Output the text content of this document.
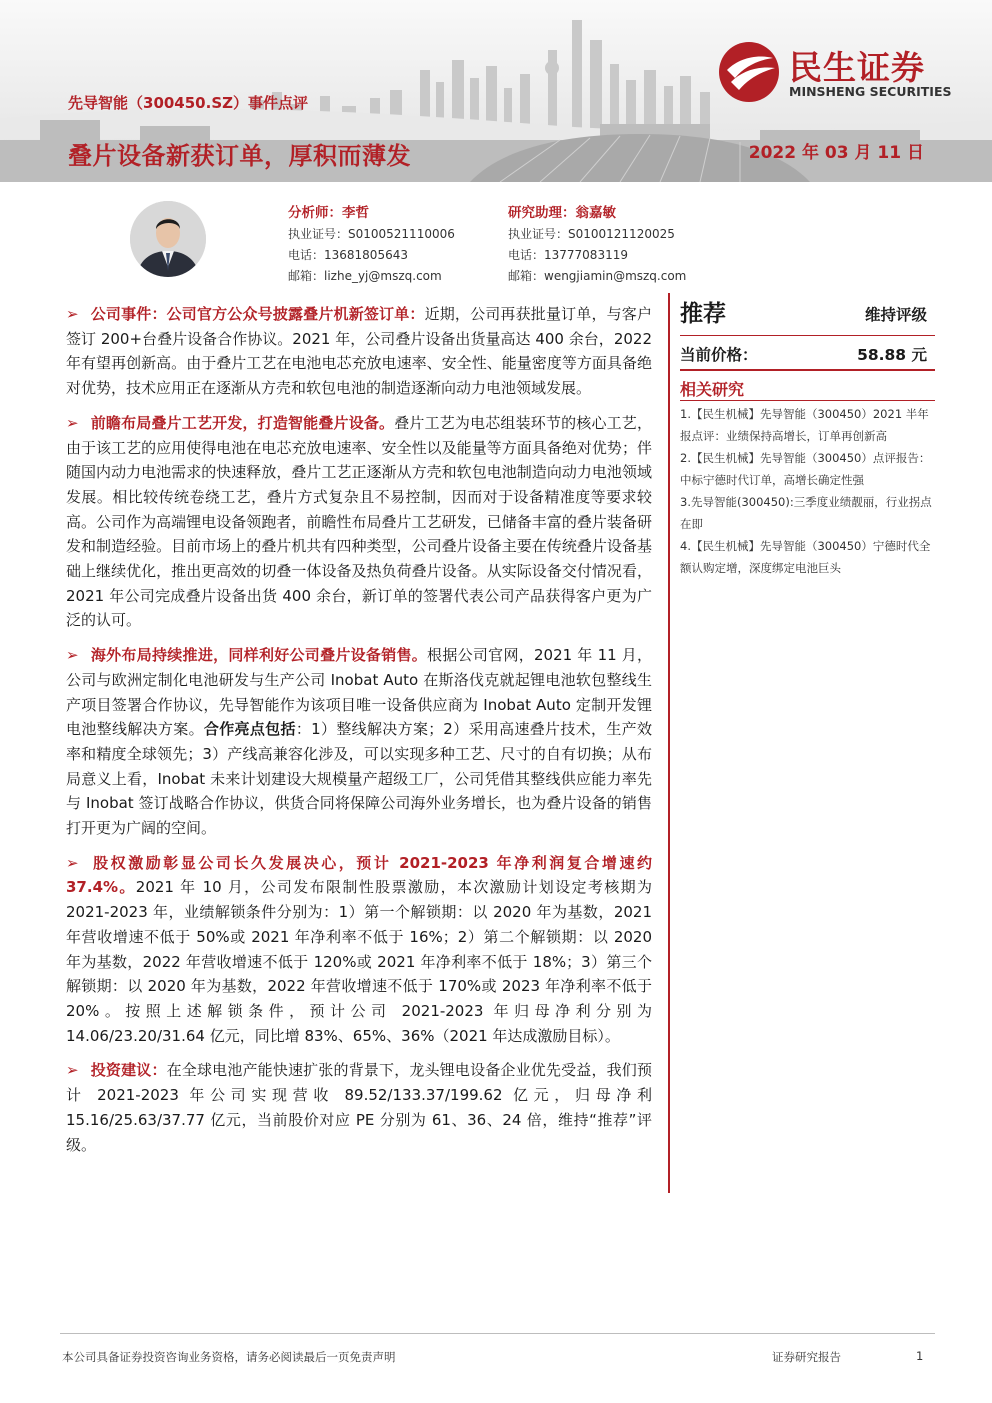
先导智能（300450.SZ）事件点评
叠片设备新获订单，厚积而薄发	2022 年 03 月 11 日
民生证券
MINSHENG SECURITIES
分析师：李哲
执业证号：S0100521110006
电话：13681805643
邮箱：lizhe_yj@mszq.com
研究助理：翁嘉敏
执业证号：S0100121120025
电话：13777083119
邮箱：wengjiamin@mszq.com

➢ 公司事件：公司官方公众号披露叠片机新签订单：近期，公司再获批量订单，与客户签订 200+台叠片设备合作协议。2021 年，公司叠片设备出货量高达 400 余台，2022 年有望再创新高。由于叠片工艺在电池电芯充放电速率、安全性、能量密度等方面具备绝对优势，技术应用正在逐渐从方壳和软包电池的制造逐渐向动力电池领域发展。

➢ 前瞻布局叠片工艺开发，打造智能叠片设备。叠片工艺为电芯组装环节的核心工艺，由于该工艺的应用使得电池在电芯充放电速率、安全性以及能量等方面具备绝对优势；伴随国内动力电池需求的快速释放，叠片工艺正逐渐从方壳和软包电池制造向动力电池领域发展。相比较传统卷绕工艺，叠片方式复杂且不易控制，因而对于设备精准度等要求较高。公司作为高端锂电设备领跑者，前瞻性布局叠片工艺研发，已储备丰富的叠片装备研发和制造经验。目前市场上的叠片机共有四种类型，公司叠片设备主要在传统叠片设备基础上继续优化，推出更高效的切叠一体设备及热负荷叠片设备。从实际设备交付情况看，2021 年公司完成叠片设备出货 400 余台，新订单的签署代表公司产品获得客户更为广泛的认可。

➢ 海外布局持续推进，同样利好公司叠片设备销售。根据公司官网，2021 年 11 月，公司与欧洲定制化电池研发与生产公司 Inobat Auto 在斯洛伐克就起锂电池软包整线生产项目签署合作协议，先导智能作为该项目唯一设备供应商为 Inobat Auto 定制开发锂电池整线解决方案。合作亮点包括：1）整线解决方案；2）采用高速叠片技术，生产效率和精度全球领先；3）产线高兼容化涉及，可以实现多种工艺、尺寸的自有切换；从布局意义上看，Inobat 未来计划建设大规模量产超级工厂，公司凭借其整线供应能力率先与 Inobat 签订战略合作协议，供货合同将保障公司海外业务增长，也为叠片设备的销售打开更为广阔的空间。

➢ 股权激励彰显公司长久发展决心，预计 2021-2023 年净利润复合增速约 37.4%。2021 年 10 月，公司发布限制性股票激励，本次激励计划设定考核期为 2021-2023 年，业绩解锁条件分别为：1）第一个解锁期：以 2020 年为基数，2021 年营收增速不低于 50%或 2021 年净利率不低于 16%；2）第二个解锁期：以 2020 年为基数，2022 年营收增速不低于 120%或 2021 年净利率不低于 18%；3）第三个解锁期：以 2020 年为基数，2022 年营收增速不低于 170%或 2023 年净利率不低于 20%。按照上述解锁条件，预计公司 2021-2023 年归母净利分别为 14.06/23.20/31.64 亿元，同比增 83%、65%、36%（2021 年达成激励目标）。

➢ 投资建议：在全球电池产能快速扩张的背景下，龙头锂电设备企业优先受益，我们预计 2021-2023 年公司实现营收 89.52/133.37/199.62 亿元，归母净利 15.16/25.63/37.77 亿元，当前股价对应 PE 分别为 61、36、24 倍，维持“推荐”评级。

推荐	维持评级
当前价格：	58.88 元
相关研究
1.【民生机械】先导智能（300450）2021 半年报点评：业绩保持高增长，订单再创新高
2.【民生机械】先导智能（300450）点评报告：中标宁德时代订单，高增长确定性强
3.先导智能(300450):三季度业绩靓丽，行业拐点在即
4.【民生机械】先导智能（300450）宁德时代全额认购定增，深度绑定电池巨头
本公司具备证券投资咨询业务资格，请务必阅读最后一页免责声明	证券研究报告	1
